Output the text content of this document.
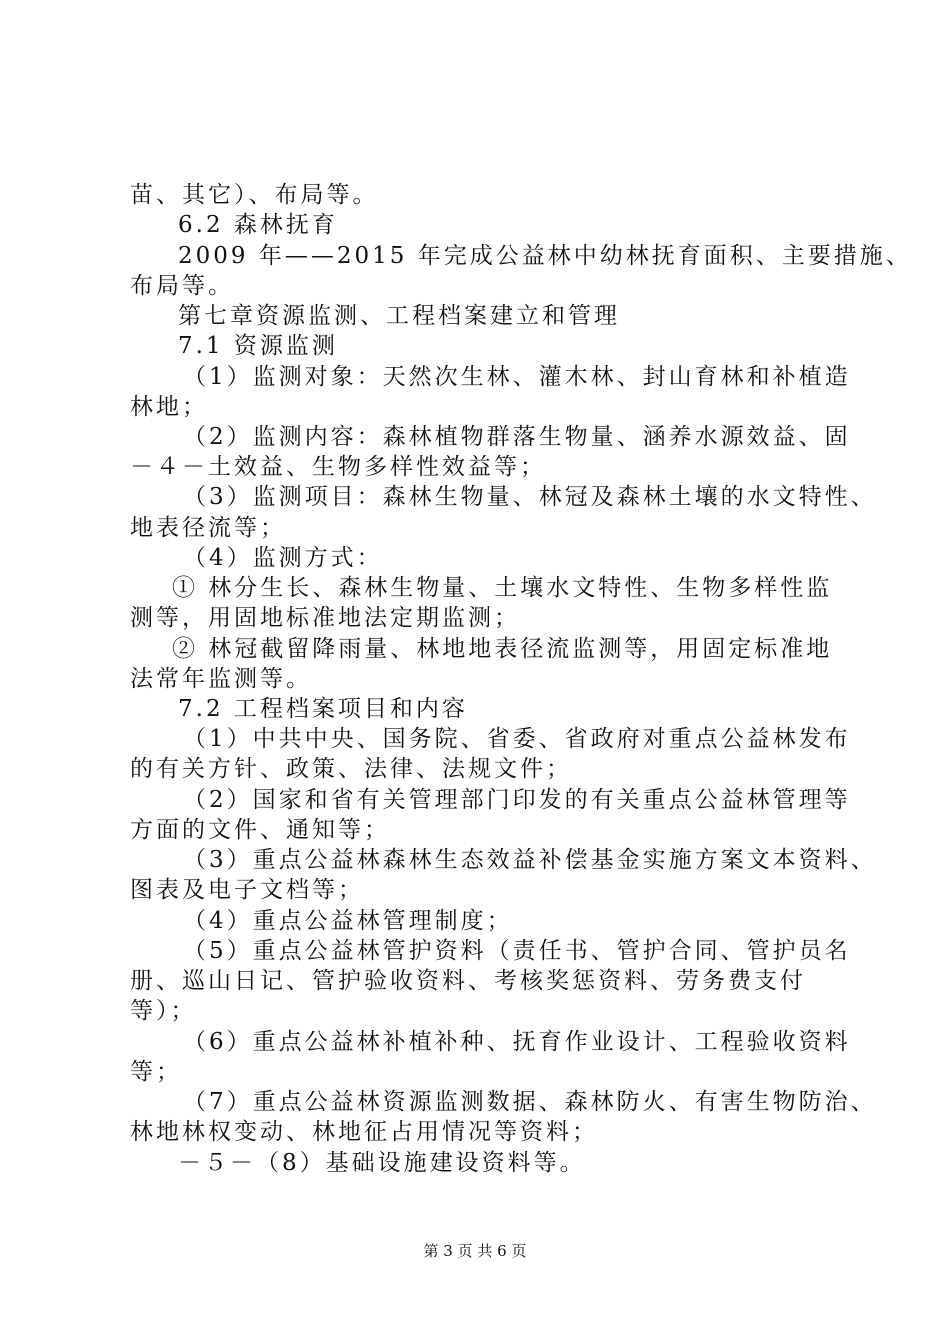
苗、其它）、布局等。
6.2 森林抚育
2009 年——2015 年完成公益林中幼林抚育面积、主要措施、
布局等。
第七章资源监测、工程档案建立和管理
7.1 资源监测
（1）监测对象：天然次生林、灌木林、封山育林和补植造
林地；
（2）监测内容：森林植物群落生物量、涵养水源效益、固
－４－土效益、生物多样性效益等；
（3）监测项目：森林生物量、林冠及森林土壤的水文特性、
地表径流等；
（4）监测方式：
① 林分生长、森林生物量、土壤水文特性、生物多样性监
测等，用固地标准地法定期监测；
② 林冠截留降雨量、林地地表径流监测等，用固定标准地
法常年监测等。
7.2 工程档案项目和内容
（1）中共中央、国务院、省委、省政府对重点公益林发布
的有关方针、政策、法律、法规文件；
（2）国家和省有关管理部门印发的有关重点公益林管理等
方面的文件、通知等；
（3）重点公益林森林生态效益补偿基金实施方案文本资料、
图表及电子文档等；
（4）重点公益林管理制度；
（5）重点公益林管护资料（责任书、管护合同、管护员名
册、巡山日记、管护验收资料、考核奖惩资料、劳务费支付
等）；
（6）重点公益林补植补种、抚育作业设计、工程验收资料
等；
（7）重点公益林资源监测数据、森林防火、有害生物防治、
林地林权变动、林地征占用情况等资料；
－５－（8）基础设施建设资料等。
第 3 页 共 6 页
